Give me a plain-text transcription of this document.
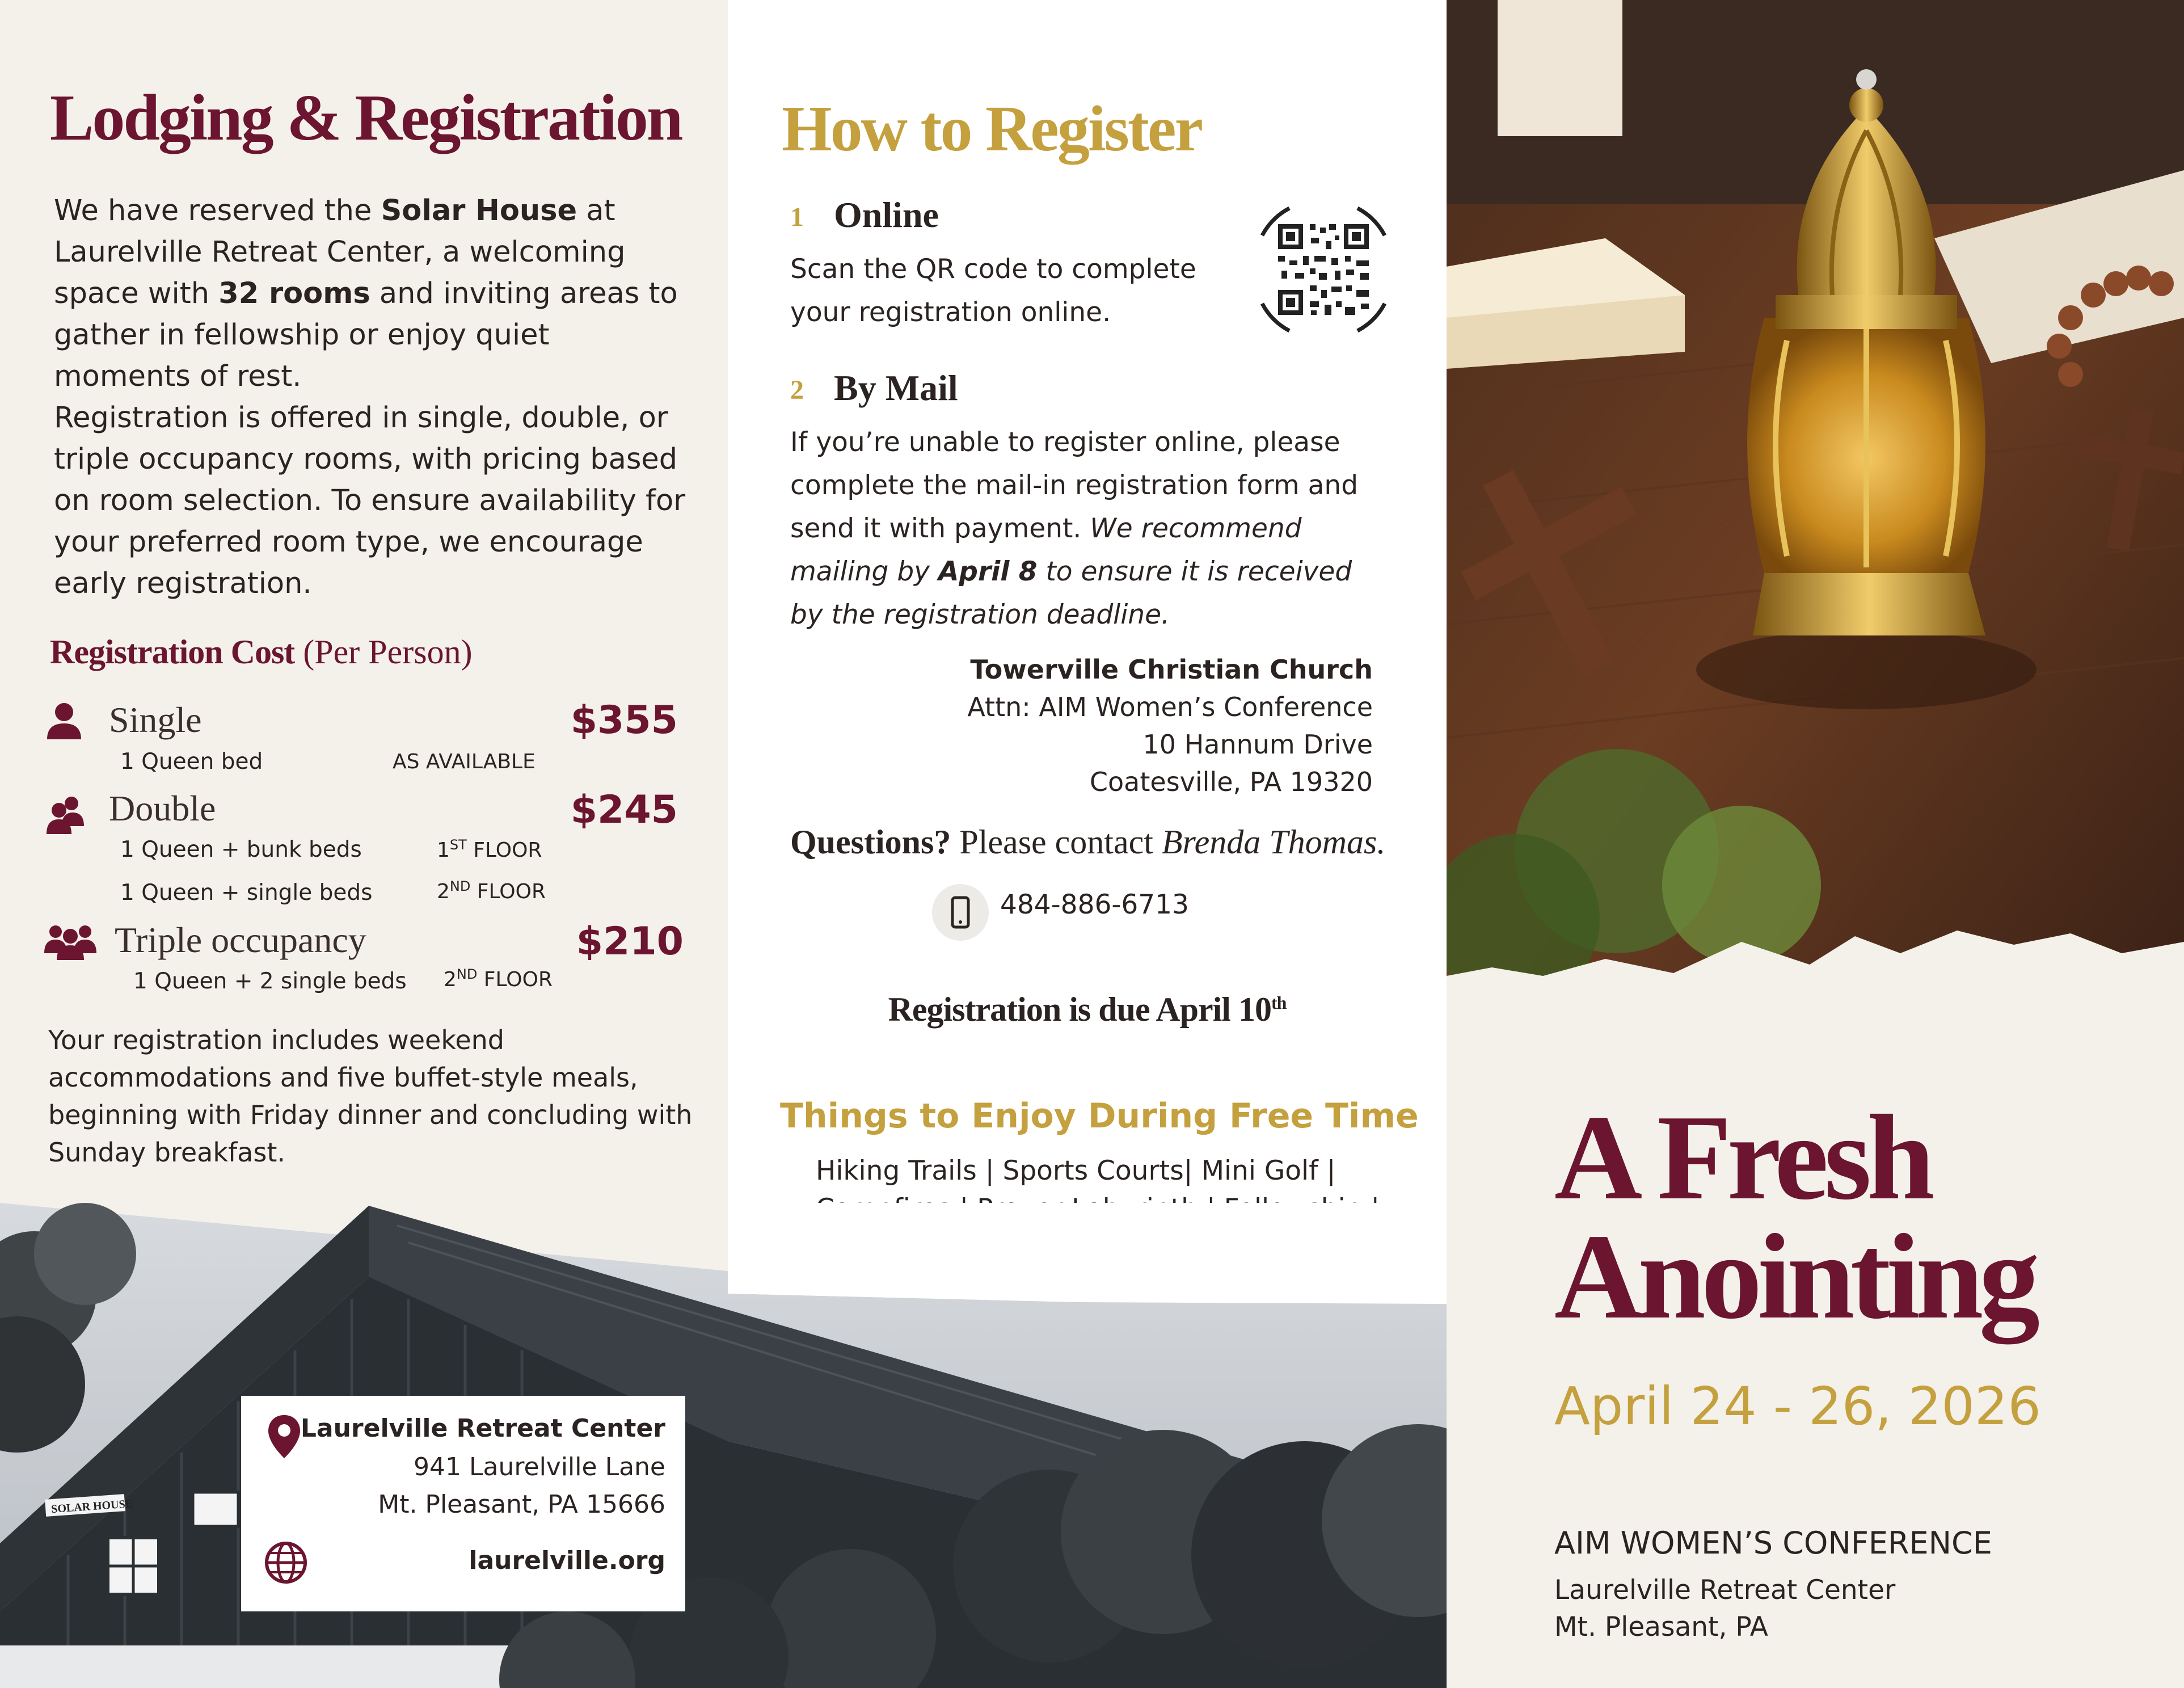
Lodging & Registration

We have reserved the Solar House at Laurelville Retreat Center, a welcoming space with 32 rooms and inviting areas to gather in fellowship or enjoy quiet moments of rest.

Registration is offered in single, double, or triple occupancy rooms, with pricing based on room selection. To ensure availability for your preferred room type, we encourage early registration.

Registration Cost (Per Person)
Single	$355
1 Queen bed	AS AVAILABLE
Double	$245
1 Queen + bunk beds	1ST FLOOR
1 Queen + single beds	2ND FLOOR
Triple occupancy	$210
1 Queen + 2 single beds 2ND FLOOR

Your registration includes weekend accommodations and five buffet-style meals, beginning with Friday dinner and concluding with Sunday breakfast.

How to Register
1 Online

Scan the QR code to complete your registration online.

2 By Mail

If you’re unable to register online, please complete the mail-in registration form and send it with payment. We recommend mailing by April 8 to ensure it is received by the registration deadline.

Towerville Christian Church
Attn: AIM Women’s Conference
10 Hannum Drive
Coatesville, PA 19320
Questions? Please contact Brenda Thomas.
484-886-6713
Registration is due April 10th
Things to Enjoy During Free Time

Hiking Trails | Sports Courts| Mini Golf |

SOLAR HOUSE
Laurelville Retreat Center
941 Laurelville Lane
Mt. Pleasant, PA 15666
laurelville.org
A Fresh
Anointing
April 24 - 26, 2026
AIM WOMEN’S CONFERENCE
Laurelville Retreat Center
Mt. Pleasant, PA
